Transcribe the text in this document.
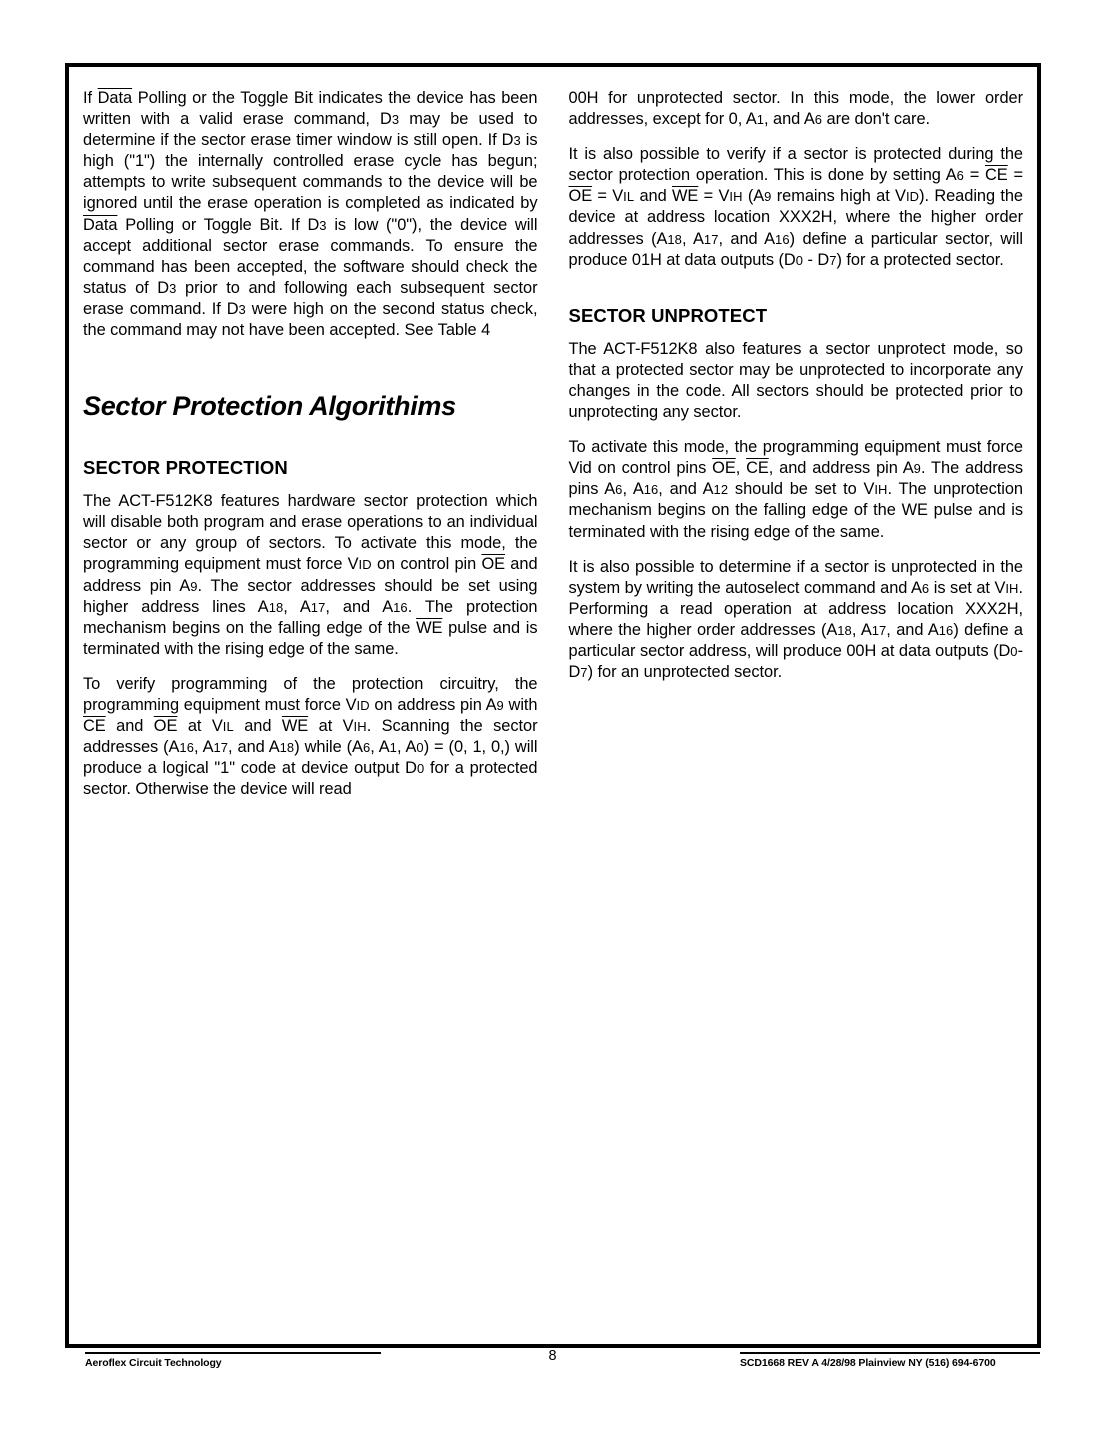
If Data Polling or the Toggle Bit indicates the device has been written with a valid erase command, D3 may be used to determine if the sector erase timer window is still open. If D3 is high ("1") the internally controlled erase cycle has begun; attempts to write subsequent commands to the device will be ignored until the erase operation is completed as indicated by Data Polling or Toggle Bit. If D3 is low ("0"), the device will accept additional sector erase commands. To ensure the command has been accepted, the software should check the status of D3 prior to and following each subsequent sector erase command. If D3 were high on the second status check, the command may not have been accepted. See Table 4

Sector Protection Algorithims
SECTOR PROTECTION

The ACT-F512K8 features hardware sector protection which will disable both program and erase operations to an individual sector or any group of sectors. To activate this mode, the programming equipment must force VID on control pin $\overline{OE}$ and address pin A9. The sector addresses should be set using higher address lines A18, A17, and A16. The protection mechanism begins on the falling edge of the $\overline{WE}$ pulse and is terminated with the rising edge of the same.

To verify programming of the protection circuitry, the programming equipment must force VID on address pin A9 with $\overline{CE}$ and $\overline{OE}$ at VIL and $\overline{WE}$ at VIH. Scanning the sector addresses (A16, A17, and A18) while (A6, A1, A0) = (0, 1, 0,) will produce a logical "1" code at device output D0 for a protected sector. Otherwise the device will read

00H for unprotected sector. In this mode, the lower order addresses, except for 0, A1, and A6 are don't care.

It is also possible to verify if a sector is protected during the sector protection operation. This is done by setting $A6 = \overline{CE} = \overline{OE}$ = VIL and $\overline{WE}$ = VIH (A9 remains high at VID). Reading the device at address location XXX2H, where the higher order addresses (A18, A17, and A16) define a particular sector, will produce 01H at data outputs (D0 - D7) for a protected sector.

SECTOR UNPROTECT

The ACT-F512K8 also features a sector unprotect mode, so that a protected sector may be unprotected to incorporate any changes in the code. All sectors should be protected prior to unprotecting any sector.

To activate this mode, the programming equipment must force Vid on control pins $\overline{OE}$, $\overline{CE}$, and address pin A9. The address pins A6, A16, and A12 should be set to VIH. The unprotection mechanism begins on the falling edge of the WE pulse and is terminated with the rising edge of the same.

It is also possible to determine if a sector is unprotected in the system by writing the autoselect command and A6 is set at VIH. Performing a read operation at address location XXX2H, where the higher order addresses (A18, A17, and A16) define a particular sector address, will produce 00H at data outputs (D0-D7) for an unprotected sector.

Aeroflex Circuit Technology	8	SCD1668 REV A 4/28/98 Plainview NY (516) 694-6700
